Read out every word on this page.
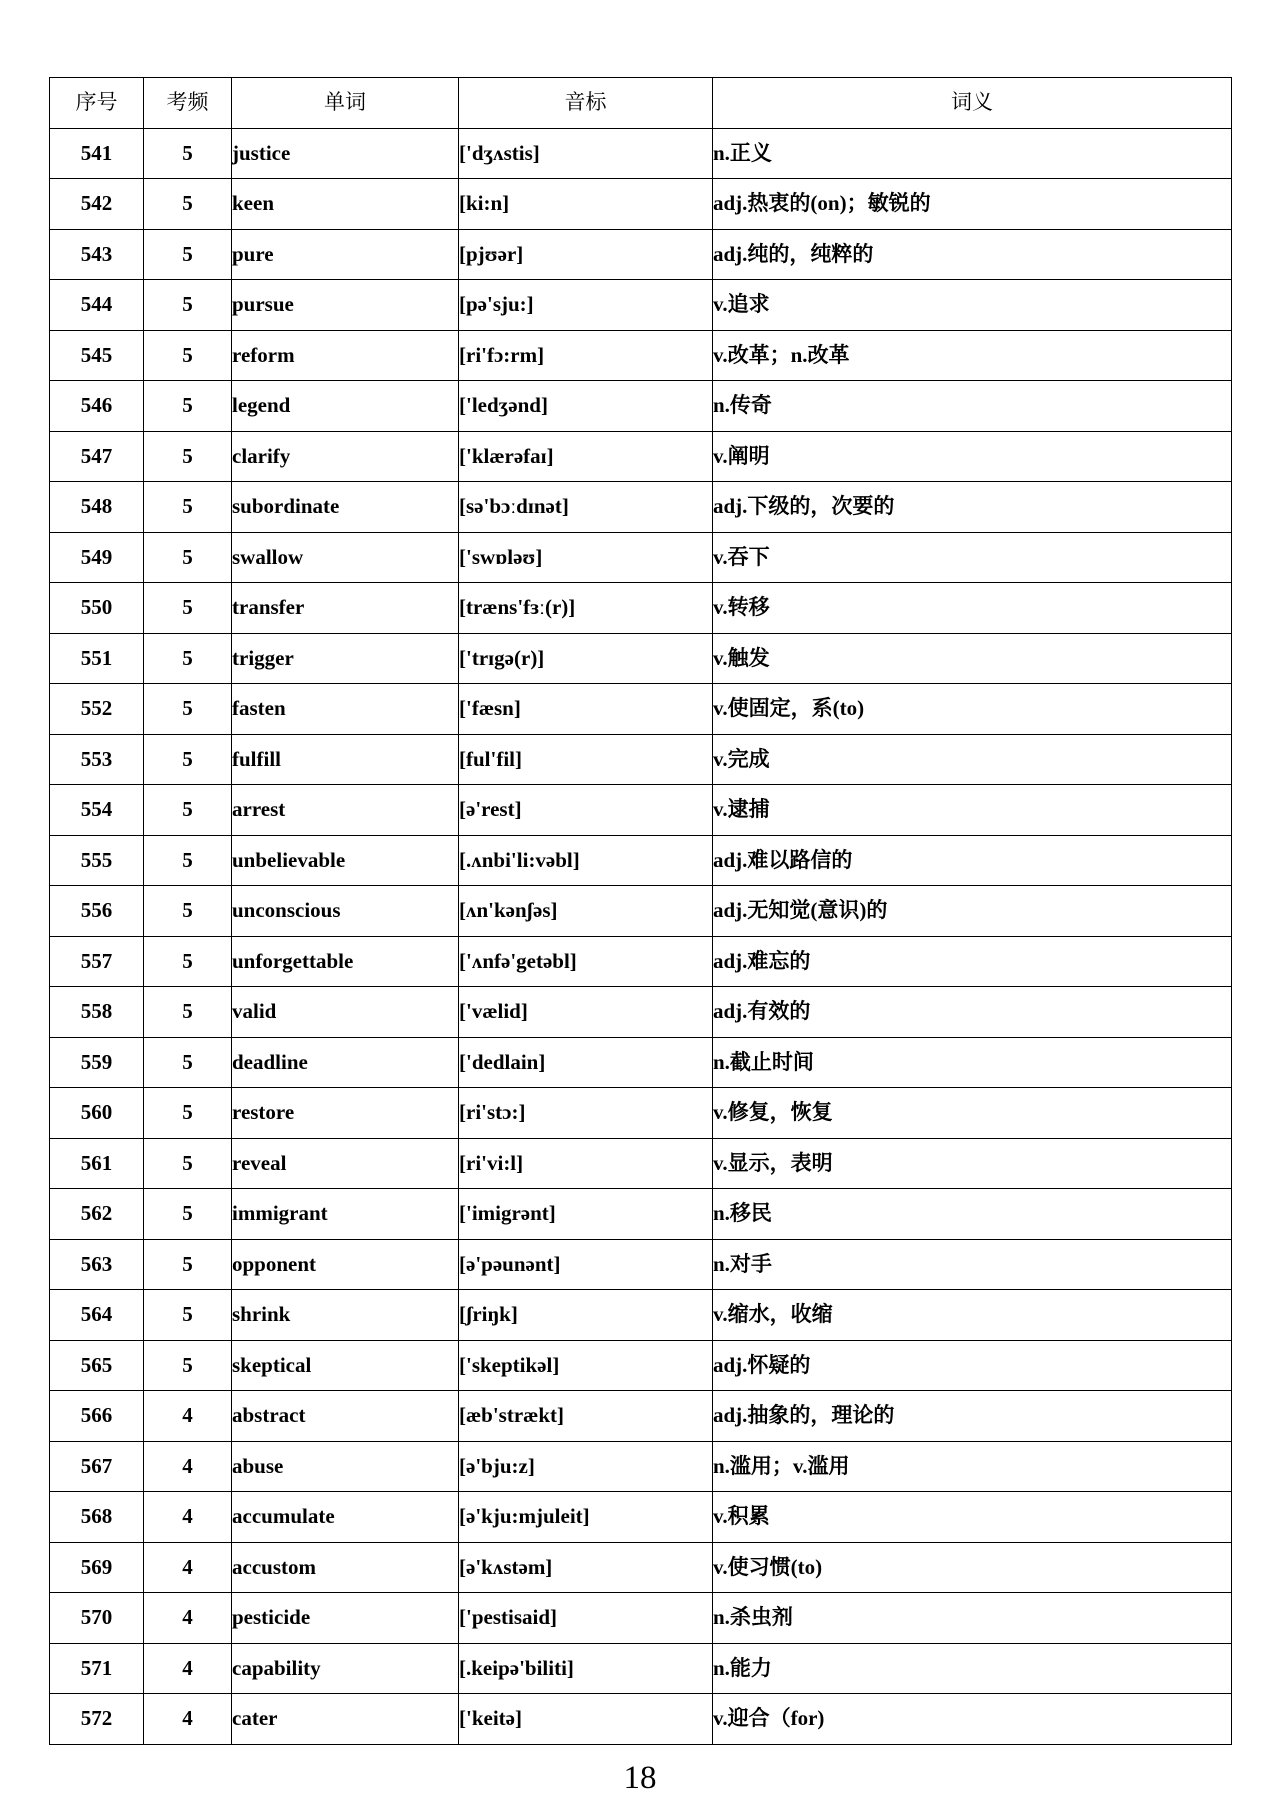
序号	考频	单词	音标	词义
541	5	justice	['dʒʌstis]	n.正义
542	5	keen	[ki:n]	adj.热衷的(on)；敏锐的
543	5	pure	[pjʊər]	adj.纯的，纯粹的
544	5	pursue	[pə'sju:]	v.追求
545	5	reform	[ri'fɔ:rm]	v.改革；n.改革
546	5	legend	['ledʒənd]	n.传奇
547	5	clarify	['klærəfaɪ]	v.阐明
548	5	subordinate	[sə'bɔːdɪnət]	adj.下级的，次要的
549	5	swallow	['swɒləʊ]	v.吞下
550	5	transfer	[træns'fɜː(r)]	v.转移
551	5	trigger	['trɪgə(r)]	v.触发
552	5	fasten	['fæsn]	v.使固定，系(to)
553	5	fulfill	[ful'fil]	v.完成
554	5	arrest	[ə'rest]	v.逮捕
555	5	unbelievable	[.ʌnbi'li:vəbl]	adj.难以路信的
556	5	unconscious	[ʌn'kənʃəs]	adj.无知觉(意识)的
557	5	unforgettable	['ʌnfə'getəbl]	adj.难忘的
558	5	valid	['vælid]	adj.有效的
559	5	deadline	['dedlain]	n.截止时间
560	5	restore	[ri'stɔ:]	v.修复，恢复
561	5	reveal	[ri'vi:l]	v.显示，表明
562	5	immigrant	['imigrənt]	n.移民
563	5	opponent	[ə'pəunənt]	n.对手
564	5	shrink	[ʃriŋk]	v.缩水，收缩
565	5	skeptical	['skeptikəl]	adj.怀疑的
566	4	abstract	[æb'strækt]	adj.抽象的，理论的
567	4	abuse	[ə'bju:z]	n.滥用；v.滥用
568	4	accumulate	[ə'kju:mjuleit]	v.积累
569	4	accustom	[ə'kʌstəm]	v.使习惯(to)
570	4	pesticide	['pestisaid]	n.杀虫剂
571	4	capability	[.keipə'biliti]	n.能力
572	4	cater	['keitə]	v.迎合（for)
18
